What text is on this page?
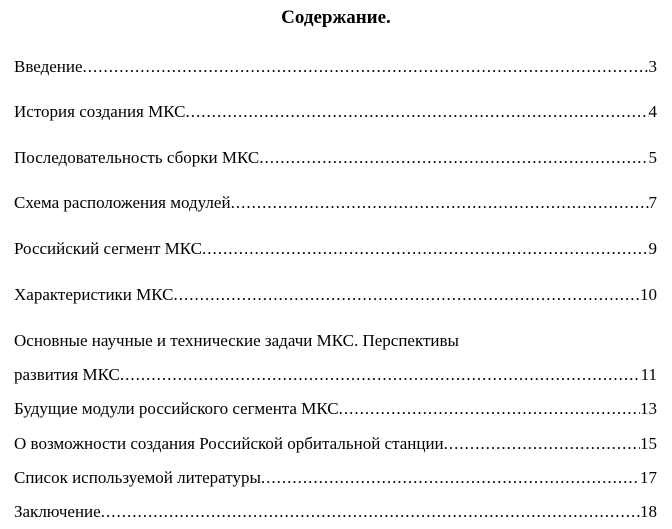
Содержание.
Введение .....	3
История создания МКС .....	4
Последовательность сборки МКС .....	5
Схема расположения модулей .....	7
Российский сегмент МКС .....	9
Характеристики МКС .....	10
Основные научные и технические задачи МКС. Перспективы
развития МКС .....	11
Будущие модули российского сегмента МКС .....	13
О возможности создания Российской орбитальной станции .....	15
Список используемой литературы .....	17
Заключение .....	18
